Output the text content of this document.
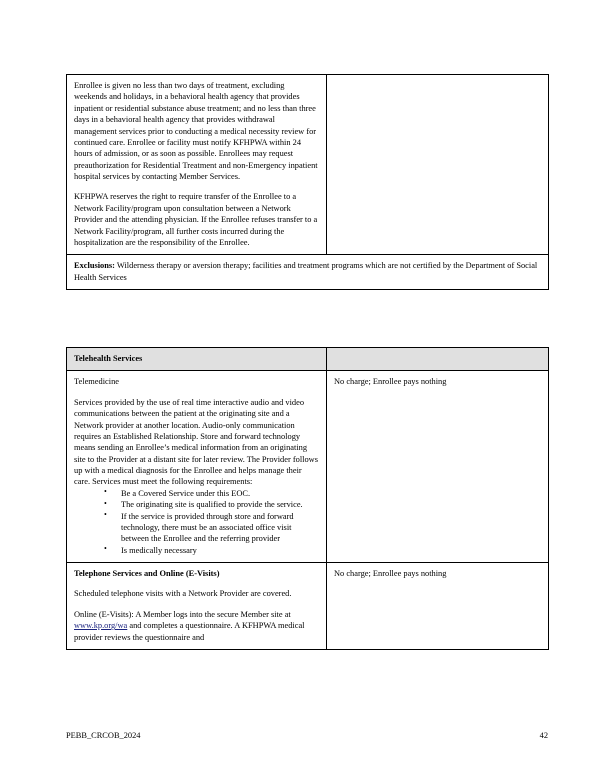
Enrollee is given no less than two days of treatment, excluding weekends and holidays, in a behavioral health agency that provides inpatient or residential substance abuse treatment; and no less than three days in a behavioral health agency that provides withdrawal management services prior to conducting a medical necessity review for continued care. Enrollee or facility must notify KFHPWA within 24 hours of admission, or as soon as possible. Enrollees may request preauthorization for Residential Treatment and non-Emergency inpatient hospital services by contacting Member Services.

KFHPWA reserves the right to require transfer of the Enrollee to a Network Facility/program upon consultation between a Network Provider and the attending physician. If the Enrollee refuses transfer to a Network Facility/program, all further costs incurred during the hospitalization are the responsibility of the Enrollee.

Exclusions: Wilderness therapy or aversion therapy; facilities and treatment programs which are not certified by the Department of Social Health Services
Telehealth Services	

Telemedicine

Services provided by the use of real time interactive audio and video communications between the patient at the originating site and a Network provider at another location. Audio-only communication requires an Established Relationship. Store and forward technology means sending an Enrollee’s medical information from an originating site to the Provider at a distant site for later review. The Provider follows up with a medical diagnosis for the Enrollee and helps manage their care. Services must meet the following requirements:

• Be a Covered Service under this EOC.
• The originating site is qualified to provide the service.
• If the service is provided through store and forward technology, there must be an associated office visit between the Enrollee and the referring provider
• Is medically necessary
	No charge; Enrollee pays nothing

Telephone Services and Online (E-Visits)

Scheduled telephone visits with a Network Provider are covered.

Online (E-Visits): A Member logs into the secure Member site at www.kp.org/wa and completes a questionnaire. A KFHPWA medical provider reviews the questionnaire and	No charge; Enrollee pays nothing
PEBB_CRCOB_2024	42
